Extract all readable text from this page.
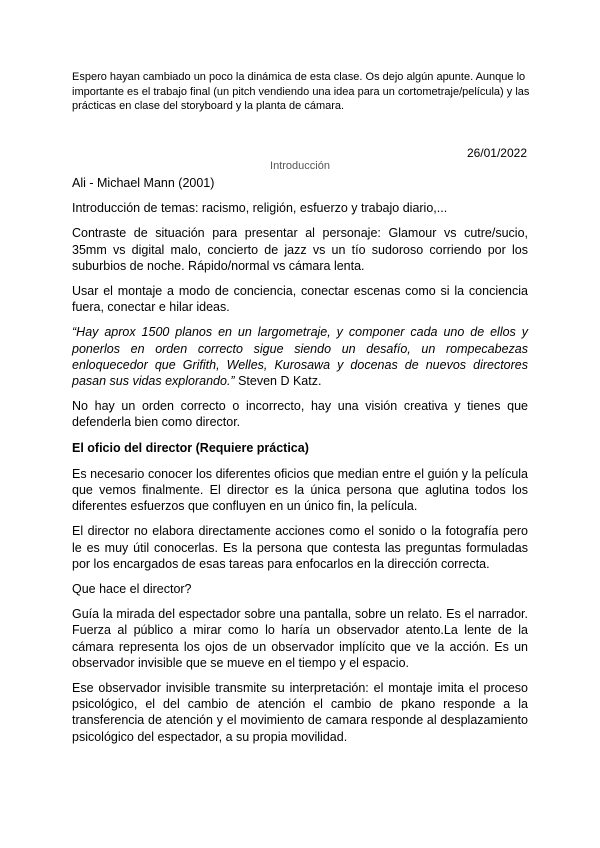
Espero hayan cambiado un poco la dinámica de esta clase. Os dejo algún apunte. Aunque lo importante es el trabajo final (un pitch vendiendo una idea para un cortometraje/película) y las prácticas en clase del storyboard y la planta de cámara.
26/01/2022
Introducción

Ali - Michael Mann (2001)

Introducción de temas: racismo, religión, esfuerzo y trabajo diario,...

Contraste de situación para presentar al personaje: Glamour vs cutre/sucio, 35mm vs digital malo, concierto de jazz vs un tío sudoroso corriendo por los suburbios de noche. Rápido/normal vs cámara lenta.

Usar el montaje a modo de conciencia, conectar escenas como si la conciencia fuera, conectar e hilar ideas.

“Hay aprox 1500 planos en un largometraje, y componer cada uno de ellos y ponerlos en orden correcto sigue siendo un desafío, un rompecabezas enloquecedor que Grifith, Welles, Kurosawa y docenas de nuevos directores pasan sus vidas explorando.” Steven D Katz.

No hay un orden correcto o incorrecto, hay una visión creativa y tienes que defenderla bien como director.

El oficio del director (Requiere práctica)

Es necesario conocer los diferentes oficios que median entre el guión y la película que vemos finalmente. El director es la única persona que aglutina todos los diferentes esfuerzos que confluyen en un único fin, la película.

El director no elabora directamente acciones como el sonido o la fotografía pero le es muy útil conocerlas. Es la persona que contesta las preguntas formuladas por los encargados de esas tareas para enfocarlos en la dirección correcta.

Que hace el director?

Guía la mirada del espectador sobre una pantalla, sobre un relato. Es el narrador. Fuerza al público a mirar como lo haría un observador atento.La lente de la cámara representa los ojos de un observador implícito que ve la acción. Es un observador invisible que se mueve en el tiempo y el espacio.

Ese observador invisible transmite su interpretación: el montaje imita el proceso psicológico, el del cambio de atención el cambio de pkano responde a la transferencia de atención y el movimiento de camara responde al desplazamiento psicológico del espectador, a su propia movilidad.
